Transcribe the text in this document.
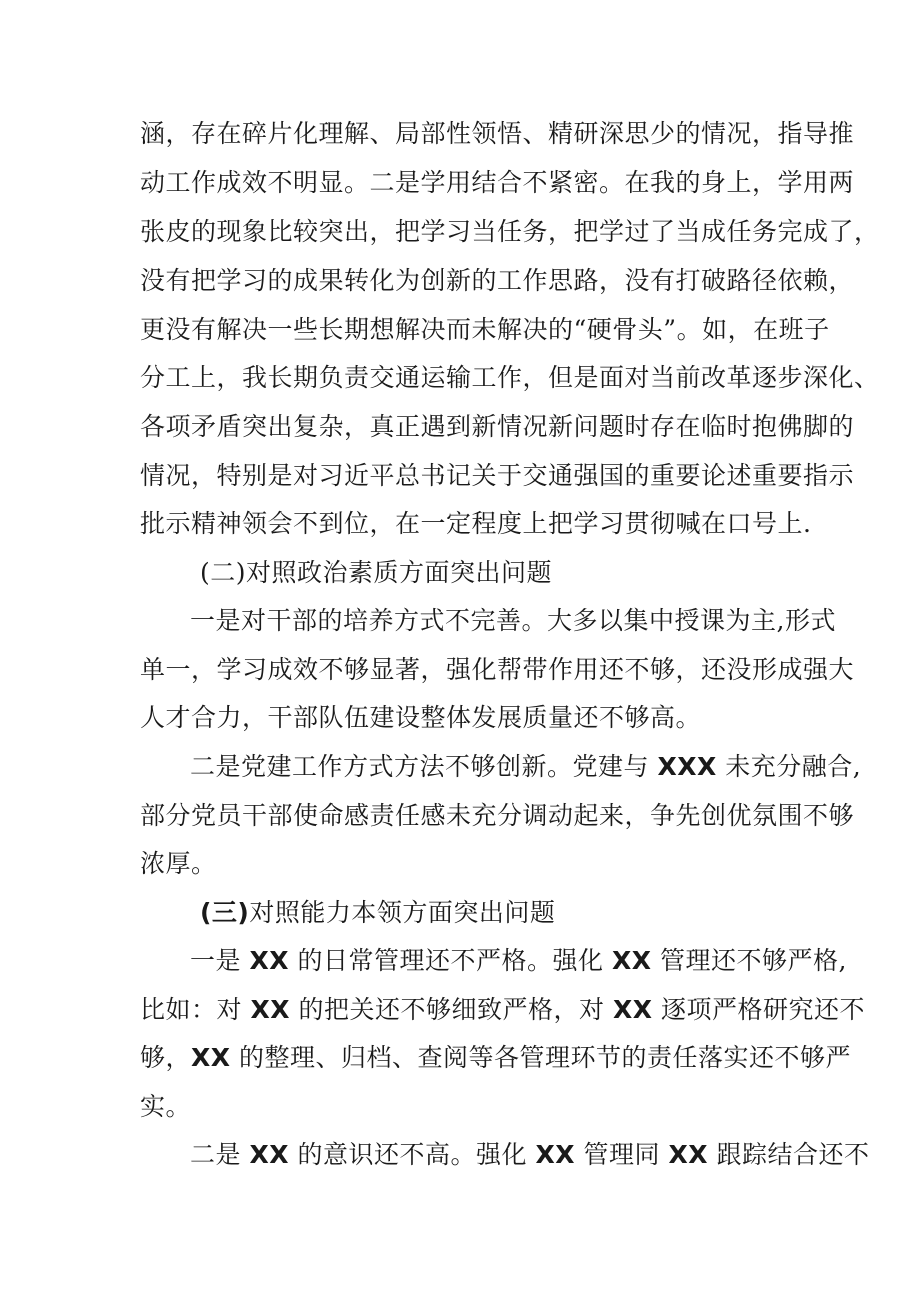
涵，存在碎片化理解、局部性领悟、精研深思少的情况，指导推
动工作成效不明显。二是学用结合不紧密。在我的身上，学用两
张皮的现象比较突出，把学习当任务，把学过了当成任务完成了，
没有把学习的成果转化为创新的工作思路，没有打破路径依赖，
更没有解决一些长期想解决而未解决的“硬骨头”。如，在班子
分工上，我长期负责交通运输工作，但是面对当前改革逐步深化、
各项矛盾突出复杂，真正遇到新情况新问题时存在临时抱佛脚的
情况，特别是对习近平总书记关于交通强国的重要论述重要指示
批示精神领会不到位，在一定程度上把学习贯彻喊在口号上.
(二)对照政治素质方面突出问题
一是对干部的培养方式不完善。大多以集中授课为主,形式
单一，学习成效不够显著，强化帮带作用还不够，还没形成强大
人才合力，干部队伍建设整体发展质量还不够高。
二是党建工作方式方法不够创新。党建与 XXX 未充分融合,
部分党员干部使命感责任感未充分调动起来，争先创优氛围不够
浓厚。
(三)对照能力本领方面突出问题
一是 XX 的日常管理还不严格。强化 XX 管理还不够严格,
比如：对 XX 的把关还不够细致严格，对 XX 逐项严格研究还不
够，XX 的整理、归档、查阅等各管理环节的责任落实还不够严
实。
二是 XX 的意识还不高。强化 XX 管理同 XX 跟踪结合还不
